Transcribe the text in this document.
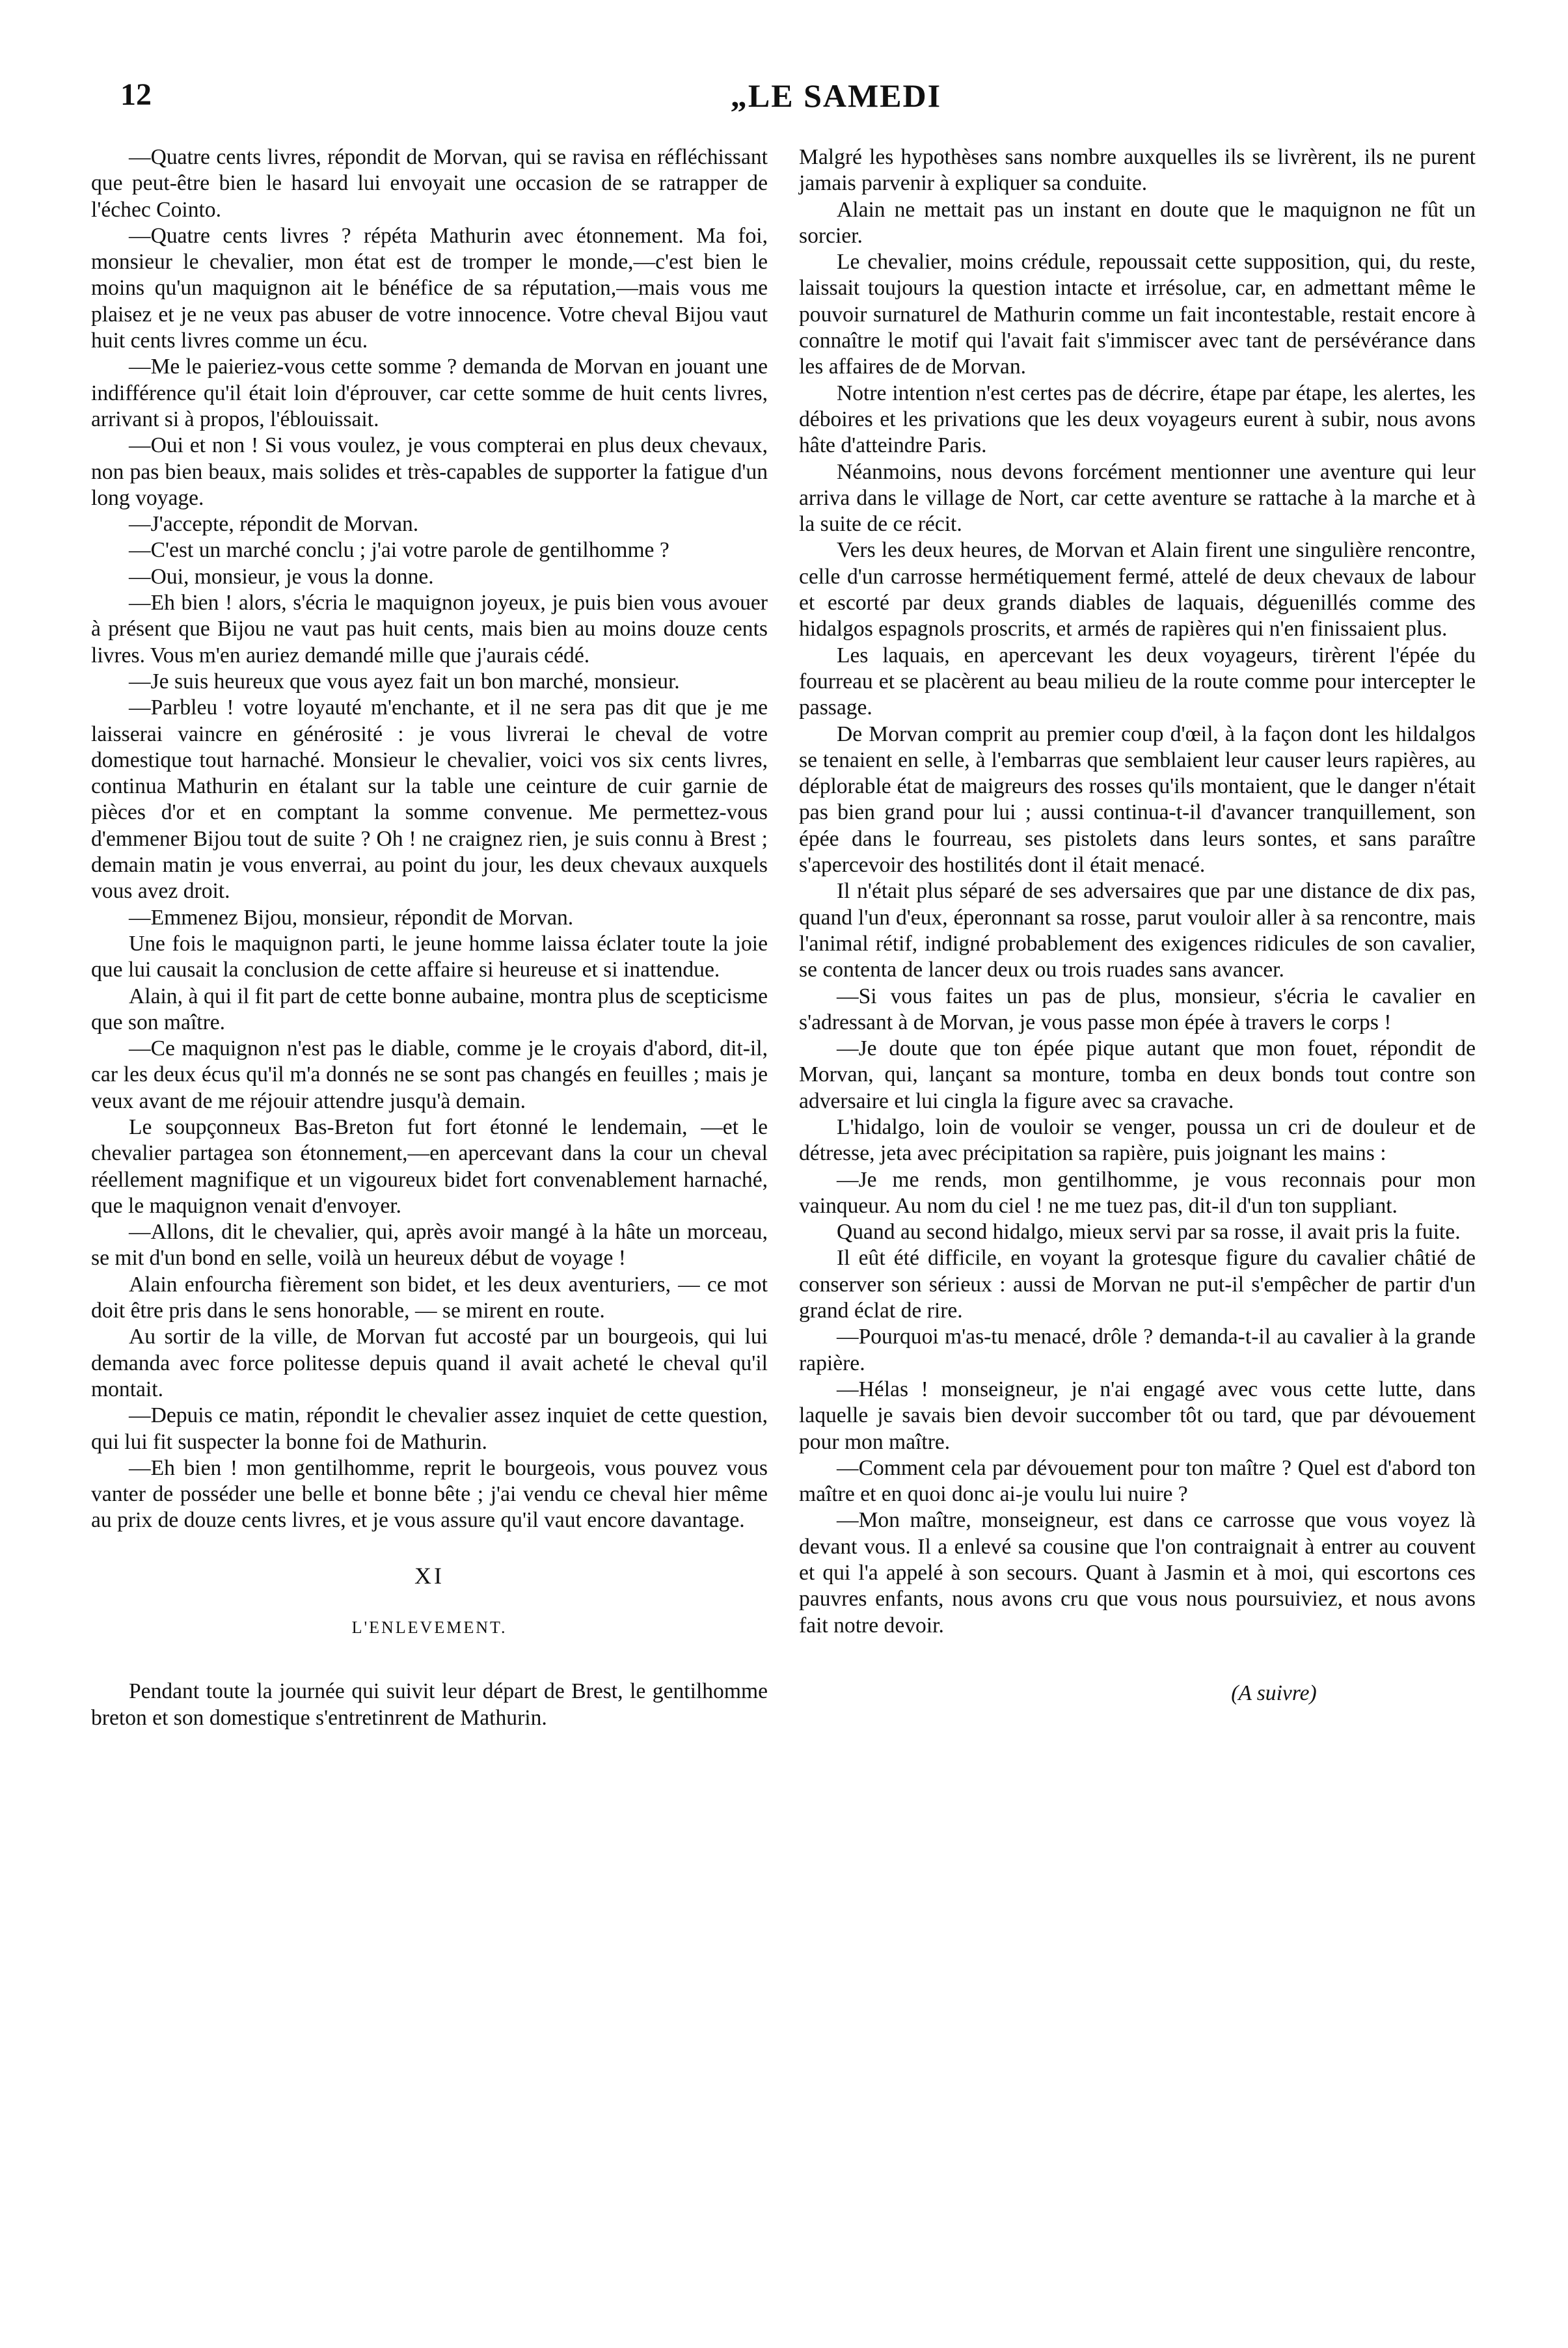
12	„LE SAMEDI

—Quatre cents livres, répondit de Morvan, qui se ravisa en réfléchissant que peut-être bien le hasard lui envoyait une occasion de se ratrapper de l'échec Cointo.

—Quatre cents livres ? répéta Mathurin avec étonnement. Ma foi, monsieur le chevalier, mon état est de tromper le monde,—c'est bien le moins qu'un maquignon ait le bénéfice de sa réputation,—mais vous me plaisez et je ne veux pas abuser de votre innocence. Votre cheval Bijou vaut huit cents livres comme un écu.

—Me le paieriez-vous cette somme ? demanda de Morvan en jouant une indifférence qu'il était loin d'éprouver, car cette somme de huit cents livres, arrivant si à propos, l'éblouissait.

—Oui et non ! Si vous voulez, je vous compterai en plus deux chevaux, non pas bien beaux, mais solides et très-capables de supporter la fatigue d'un long voyage.

—J'accepte, répondit de Morvan.

—C'est un marché conclu ; j'ai votre parole de gentilhomme ?

—Oui, monsieur, je vous la donne.

—Eh bien ! alors, s'écria le maquignon joyeux, je puis bien vous avouer à présent que Bijou ne vaut pas huit cents, mais bien au moins douze cents livres. Vous m'en auriez demandé mille que j'aurais cédé.

—Je suis heureux que vous ayez fait un bon marché, monsieur.

—Parbleu ! votre loyauté m'enchante, et il ne sera pas dit que je me laisserai vaincre en générosité : je vous livrerai le cheval de votre domestique tout harnaché. Monsieur le chevalier, voici vos six cents livres, continua Mathurin en étalant sur la table une ceinture de cuir garnie de pièces d'or et en comptant la somme convenue. Me permettez-vous d'emmener Bijou tout de suite ? Oh ! ne craignez rien, je suis connu à Brest ; demain matin je vous enverrai, au point du jour, les deux chevaux auxquels vous avez droit.

—Emmenez Bijou, monsieur, répondit de Morvan.

Une fois le maquignon parti, le jeune homme laissa éclater toute la joie que lui causait la conclusion de cette affaire si heureuse et si inattendue.

Alain, à qui il fit part de cette bonne aubaine, montra plus de scepticisme que son maître.

—Ce maquignon n'est pas le diable, comme je le croyais d'abord, dit-il, car les deux écus qu'il m'a donnés ne se sont pas changés en feuilles ; mais je veux avant de me réjouir attendre jusqu'à demain.

Le soupçonneux Bas-Breton fut fort étonné le lendemain, —et le chevalier partagea son étonnement,—en apercevant dans la cour un cheval réellement magnifique et un vigoureux bidet fort convenablement harnaché, que le maquignon venait d'envoyer.

—Allons, dit le chevalier, qui, après avoir mangé à la hâte un morceau, se mit d'un bond en selle, voilà un heureux début de voyage !

Alain enfourcha fièrement son bidet, et les deux aventuriers, — ce mot doit être pris dans le sens honorable, — se mirent en route.

Au sortir de la ville, de Morvan fut accosté par un bourgeois, qui lui demanda avec force politesse depuis quand il avait acheté le cheval qu'il montait.

—Depuis ce matin, répondit le chevalier assez inquiet de cette question, qui lui fit suspecter la bonne foi de Mathurin.

—Eh bien ! mon gentilhomme, reprit le bourgeois, vous pouvez vous vanter de posséder une belle et bonne bête ; j'ai vendu ce cheval hier même au prix de douze cents livres, et je vous assure qu'il vaut encore davantage.

XI
L'ENLEVEMENT.

Pendant toute la journée qui suivit leur départ de Brest, le gentilhomme breton et son domestique s'entretinrent de Mathurin.

Malgré les hypothèses sans nombre auxquelles ils se livrèrent, ils ne purent jamais parvenir à expliquer sa conduite.

Alain ne mettait pas un instant en doute que le maquignon ne fût un sorcier.

Le chevalier, moins crédule, repoussait cette supposition, qui, du reste, laissait toujours la question intacte et irrésolue, car, en admettant même le pouvoir surnaturel de Mathurin comme un fait incontestable, restait encore à connaître le motif qui l'avait fait s'immiscer avec tant de persévérance dans les affaires de de Morvan.

Notre intention n'est certes pas de décrire, étape par étape, les alertes, les déboires et les privations que les deux voyageurs eurent à subir, nous avons hâte d'atteindre Paris.

Néanmoins, nous devons forcément mentionner une aventure qui leur arriva dans le village de Nort, car cette aventure se rattache à la marche et à la suite de ce récit.

Vers les deux heures, de Morvan et Alain firent une singulière rencontre, celle d'un carrosse hermétiquement fermé, attelé de deux chevaux de labour et escorté par deux grands diables de laquais, déguenillés comme des hidalgos espagnols proscrits, et armés de rapières qui n'en finissaient plus.

Les laquais, en apercevant les deux voyageurs, tirèrent l'épée du fourreau et se placèrent au beau milieu de la route comme pour intercepter le passage.

De Morvan comprit au premier coup d'œil, à la façon dont les hildalgos se tenaient en selle, à l'embarras que semblaient leur causer leurs rapières, au déplorable état de maigreurs des rosses qu'ils montaient, que le danger n'était pas bien grand pour lui ; aussi continua-t-il d'avancer tranquillement, son épée dans le fourreau, ses pistolets dans leurs sontes, et sans paraître s'apercevoir des hostilités dont il était menacé.

Il n'était plus séparé de ses adversaires que par une distance de dix pas, quand l'un d'eux, éperonnant sa rosse, parut vouloir aller à sa rencontre, mais l'animal rétif, indigné probablement des exigences ridicules de son cavalier, se contenta de lancer deux ou trois ruades sans avancer.

—Si vous faites un pas de plus, monsieur, s'écria le cavalier en s'adressant à de Morvan, je vous passe mon épée à travers le corps !

—Je doute que ton épée pique autant que mon fouet, répondit de Morvan, qui, lançant sa monture, tomba en deux bonds tout contre son adversaire et lui cingla la figure avec sa cravache.

L'hidalgo, loin de vouloir se venger, poussa un cri de douleur et de détresse, jeta avec précipitation sa rapière, puis joignant les mains :

—Je me rends, mon gentilhomme, je vous reconnais pour mon vainqueur. Au nom du ciel ! ne me tuez pas, dit-il d'un ton suppliant.

Quand au second hidalgo, mieux servi par sa rosse, il avait pris la fuite.

Il eût été difficile, en voyant la grotesque figure du cavalier châtié de conserver son sérieux : aussi de Morvan ne put-il s'empêcher de partir d'un grand éclat de rire.

—Pourquoi m'as-tu menacé, drôle ? demanda-t-il au cavalier à la grande rapière.

—Hélas ! monseigneur, je n'ai engagé avec vous cette lutte, dans laquelle je savais bien devoir succomber tôt ou tard, que par dévouement pour mon maître.

—Comment cela par dévouement pour ton maître ? Quel est d'abord ton maître et en quoi donc ai-je voulu lui nuire ?

—Mon maître, monseigneur, est dans ce carrosse que vous voyez là devant vous. Il a enlevé sa cousine que l'on contraignait à entrer au couvent et qui l'a appelé à son secours. Quant à Jasmin et à moi, qui escortons ces pauvres enfants, nous avons cru que vous nous poursuiviez, et nous avons fait notre devoir.

(A suivre)
